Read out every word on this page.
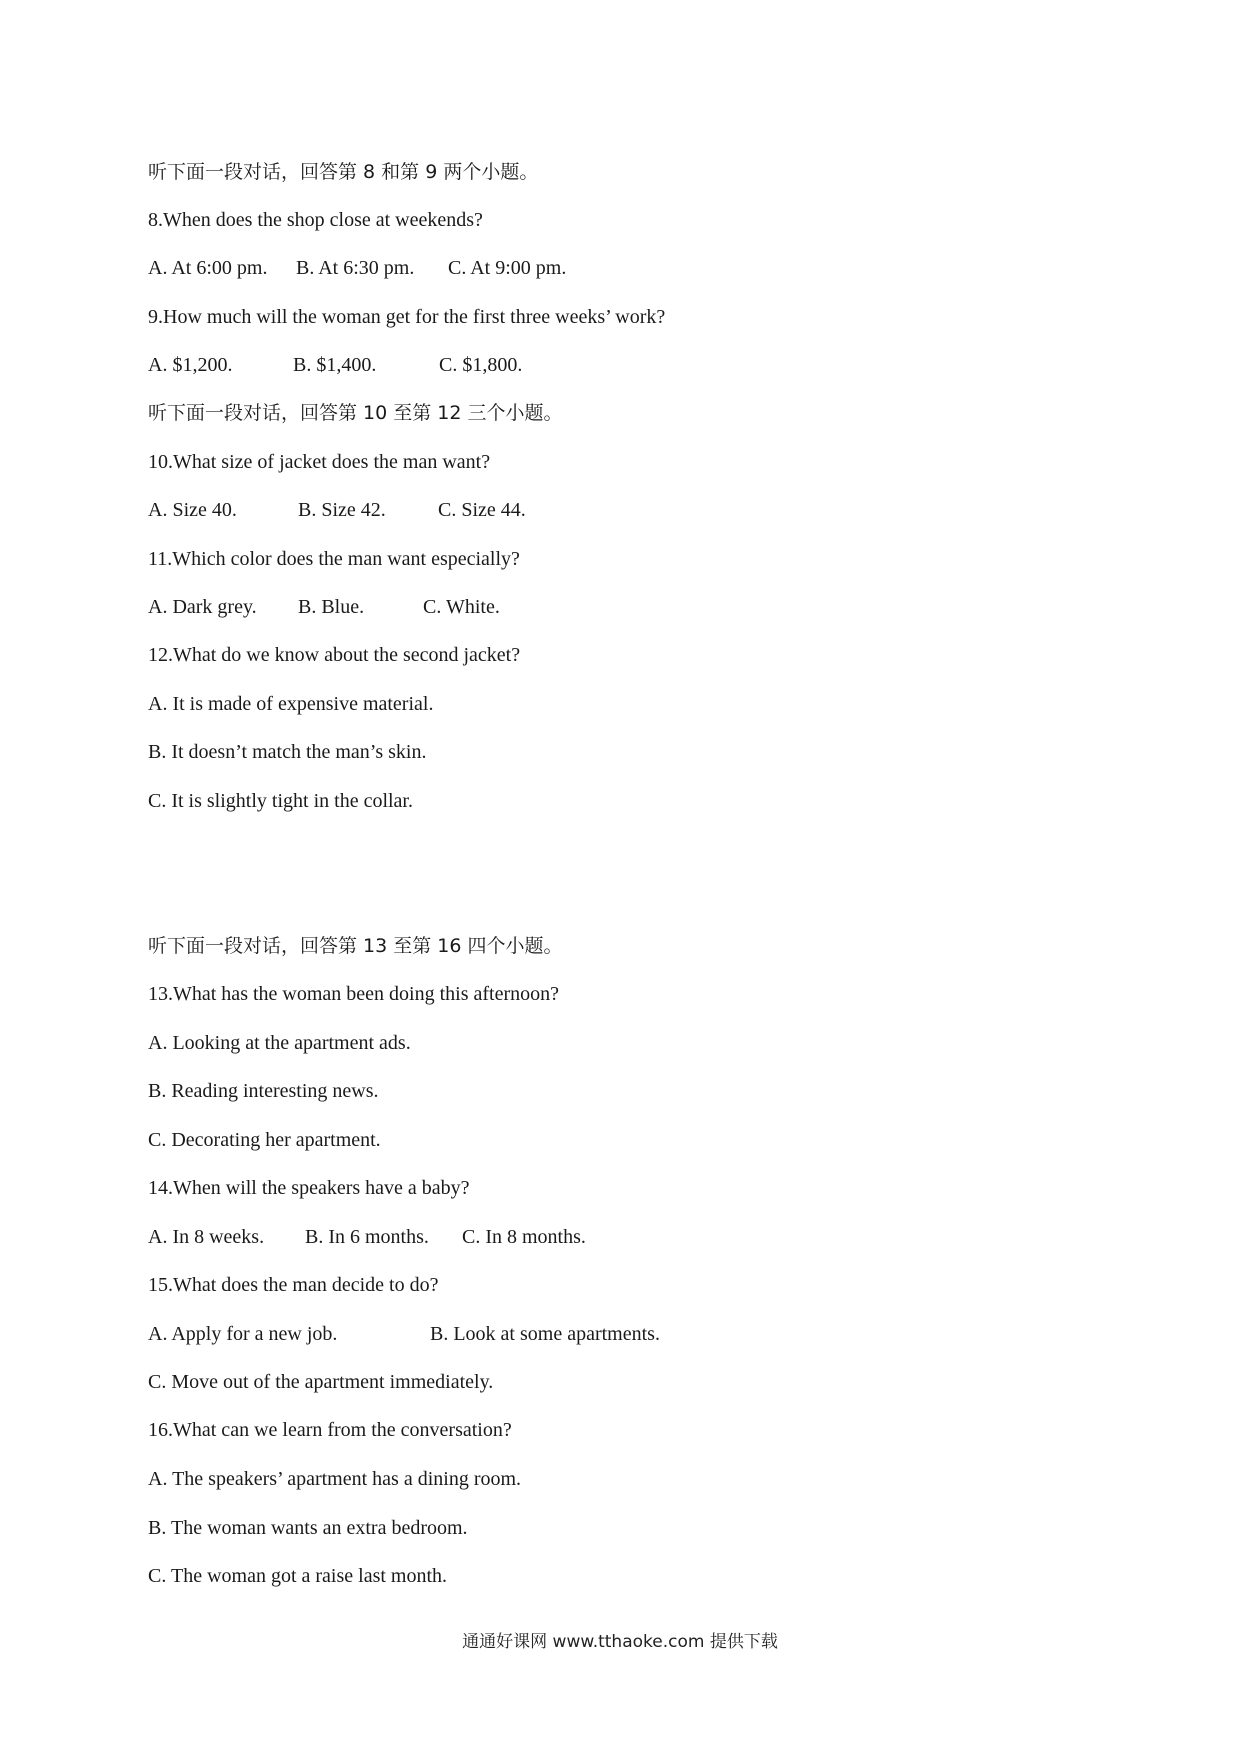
听下面一段对话，回答第 8 和第 9 两个小题。
8.When does the shop close at weekends?

A. At 6:00 pm.

B. At 6:30 pm.

C. At 9:00 pm.

9.How much will the woman get for the first three weeks’ work?

A. $1,200.

	B. $1,400.

	C. $1,800.

听下面一段对话，回答第 10 至第 12 三个小题。
10.What size of jacket does the man want?

A. Size 40.

	B. Size 42.

	C. Size 44.

11.Which color does the man want especially?

A. Dark grey.

B. Blue.

	C. White.

12.What do we know about the second jacket?
A. It is made of expensive material.
B. It doesn’t match the man’s skin.
C. It is slightly tight in the collar.
听下面一段对话，回答第 13 至第 16 四个小题。
13.What has the woman been doing this afternoon?
A. Looking at the apartment ads.
B. Reading interesting news.
C. Decorating her apartment.
14.When will the speakers have a baby?

A. In 8 weeks.

B. In 6 months.

C. In 8 months.

15.What does the man decide to do?

A. Apply for a new job.

	B. Look at some apartments.

C. Move out of the apartment immediately.
16.What can we learn from the conversation?
A. The speakers’ apartment has a dining room.
B. The woman wants an extra bedroom.
C. The woman got a raise last month.
通通好课网 www.tthaoke.com 提供下载
